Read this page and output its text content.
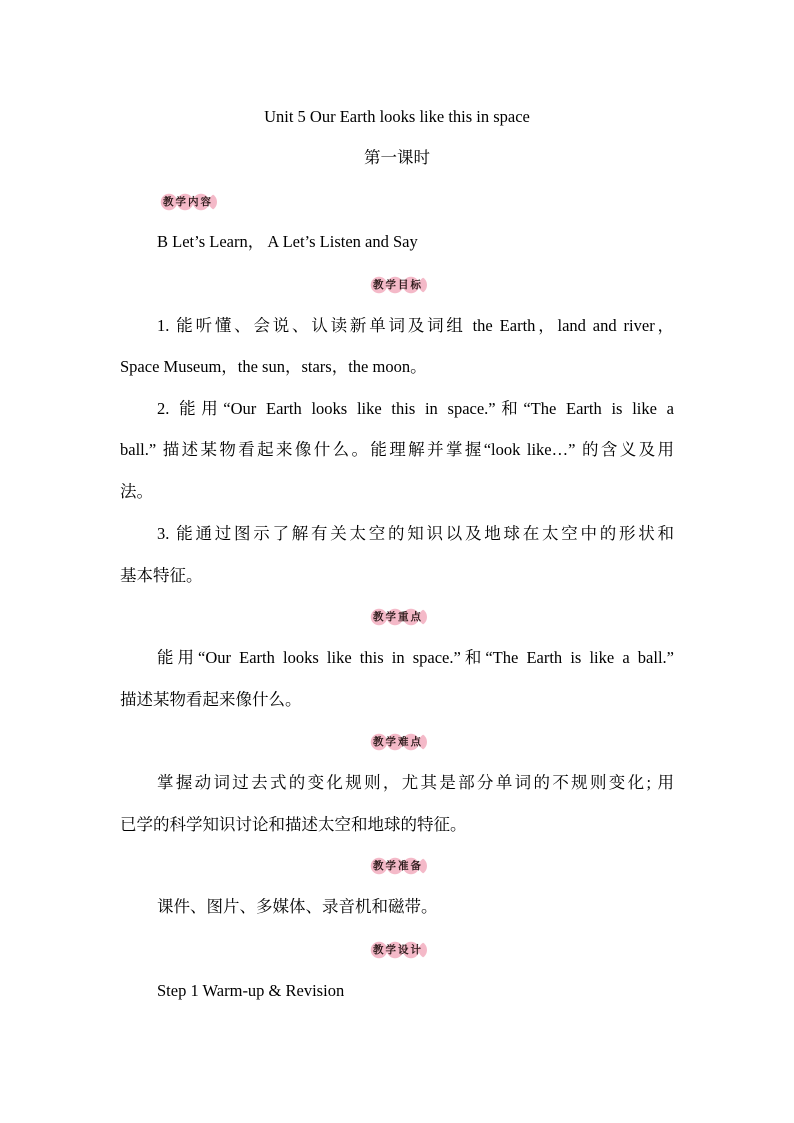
Unit 5 Our Earth looks like this in space
第一课时
教学内容
B Let’s Learn， A Let’s Listen and Say
教学目标
1. 能听懂、会说、认读新单词及词组 the Earth，land and river，
Space Museum，the sun，stars，the moon。
2. 能用“Our Earth looks like this in space.”和“The Earth is like a
ball.” 描述某物看起来像什么。能理解并掌握“look like…” 的含义及用
法。
3. 能通过图示了解有关太空的知识以及地球在太空中的形状和
基本特征。
教学重点
能用“Our Earth looks like this in space.”和“The Earth is like a ball.”
描述某物看起来像什么。
教学难点
掌握动词过去式的变化规则，尤其是部分单词的不规则变化; 用
已学的科学知识讨论和描述太空和地球的特征。
教学准备
课件、图片、多媒体、录音机和磁带。
教学设计
Step 1 Warm-up & Revision
